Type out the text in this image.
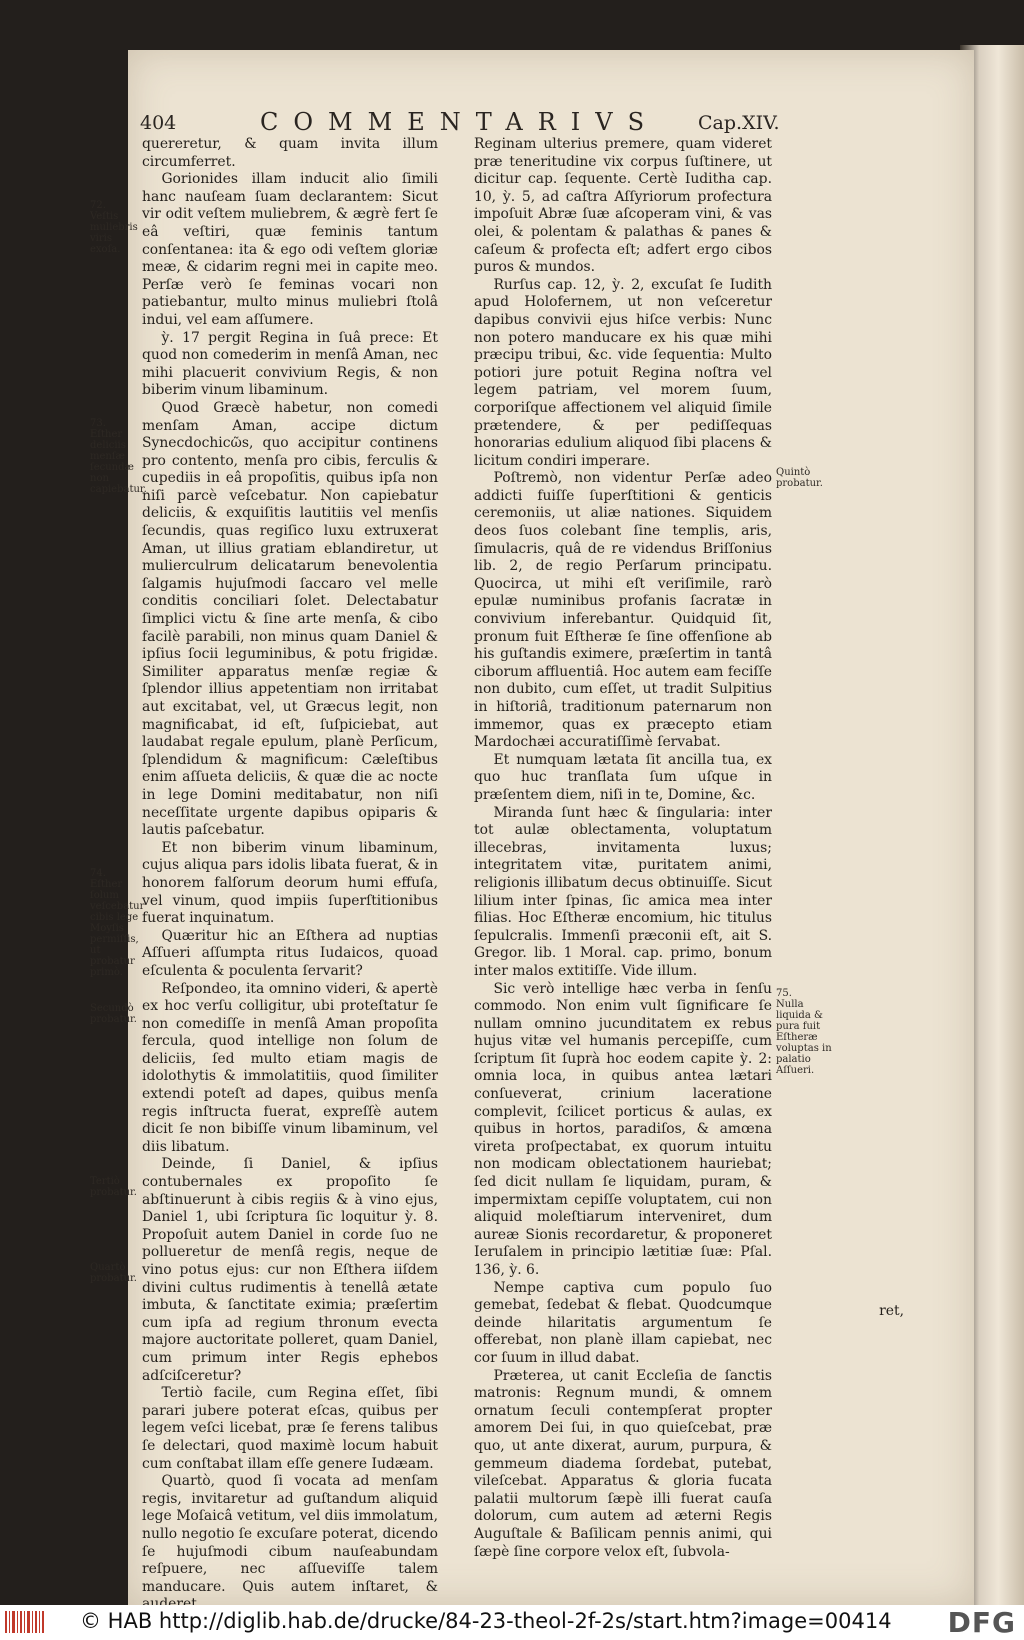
404	COMMENTARIVS Cap.XIV.

quereretur, & quam invita illum circumferret.

Gorionides illam inducit alio ſimili hanc nauſeam ſuam declarantem: Sicut vir odit veſtem muliebrem, & ægrè fert ſe eâ veſtiri, quæ feminis tantum conſentanea: ita & ego odi veſtem gloriæ meæ, & cidarim regni mei in capite meo. Perſæ verò ſe feminas vocari non patiebantur, multo minus muliebri ſtolâ indui, vel eam aſſumere.

ỳ. 17 pergit Regina in ſuâ prece: Et quod non comederim in menſâ Aman, nec mihi placuerit convivium Regis, & non biberim vinum libaminum.

Quod Græcè habetur, non comedi menſam Aman, accipe dictum Synecdochicῶs, quo accipitur continens pro contento, menſa pro cibis, ferculis & cupediis in eâ propoſitis, quibus ipſa non niſi parcè veſcebatur. Non capiebatur deliciis, & exquiſitis lautitiis vel menſis ſecundis, quas regiſico luxu extruxerat Aman, ut illius gratiam eblandiretur, ut mulierculrum delicatarum benevolentia ſalgamis hujuſmodi ſaccaro vel melle conditis conciliari ſolet. Delectabatur ſimplici victu & ſine arte menſa, & cibo facilè parabili, non minus quam Daniel & ipſius ſocii leguminibus, & potu frigidæ. Similiter apparatus menſæ regiæ & ſplendor illius appetentiam non irritabat aut excitabat, vel, ut Græcus legit, non magnificabat, id eſt, ſuſpiciebat, aut laudabat regale epulum, planè Perſicum, ſplendidum & magnificum: Cæleſtibus enim aſſueta deliciis, & quæ die ac nocte in lege Domini meditabatur, non niſi neceſſitate urgente dapibus opiparis & lautis paſcebatur.

Et non biberim vinum libaminum, cujus aliqua pars idolis libata fuerat, & in honorem falſorum deorum humi effuſa, vel vinum, quod impiis ſuperſtitionibus fuerat inquinatum.

Quæritur hic an Eſthera ad nuptias Aſſueri aſſumpta ritus Iudaicos, quoad eſculenta & poculenta ſervarit?

Reſpondeo, ita omnino videri, & apertè ex hoc verſu colligitur, ubi proteſtatur ſe non comediſſe in menſâ Aman propoſita fercula, quod intellige non ſolum de deliciis, ſed multo etiam magis de idolothytis & immolatitiis, quod ſimiliter extendi poteſt ad dapes, quibus menſa regis inſtructa fuerat, expreſſè autem dicit ſe non bibiſſe vinum libaminum, vel diis libatum.

Deinde, ſi Daniel, & ipſius contubernales ex propoſito ſe abſtinuerunt à cibis regiis & à vino ejus, Daniel 1, ubi ſcriptura ſic loquitur ỳ. 8. Propoſuit autem Daniel in corde ſuo ne pollueretur de menſâ regis, neque de vino potus ejus: cur non Eſthera iiſdem divini cultus rudimentis à tenellâ ætate imbuta, & ſanctitate eximia; præſertim cum ipſa ad regium thronum evecta majore auctoritate polleret, quam Daniel, cum primum inter Regis ephebos adſciſceretur?

Tertiò facile, cum Regina eſſet, ſibi parari jubere poterat eſcas, quibus per legem veſci licebat, præ ſe ferens talibus ſe delectari, quod maximè locum habuit cum conſtabat illam eſſe genere Iudæam.

Quartò, quod ſi vocata ad menſam regis, invitaretur ad guſtandum aliquid lege Moſaicâ vetitum, vel diis immolatum, nullo negotio ſe excuſare poterat, dicendo ſe hujuſmodi cibum nauſeabundam reſpuere, nec aſſueviſſe talem manducare. Quis autem inſtaret, &

Reginam ulterius premere, quam videret præ teneritudine vix corpus ſuſtinere, ut dicitur cap. ſequente. Certè Iuditha cap. 10, ỳ. 5, ad caſtra Aſſyriorum profectura impoſuit Abræ ſuæ aſcoperam vini, & vas olei, & polentam & palathas & panes & caſeum & profecta eſt; adfert ergo cibos puros & mundos.

Rurſus cap. 12, ỳ. 2, excuſat ſe Iudith apud Holofernem, ut non veſceretur dapibus convivii ejus hiſce verbis: Nunc non potero manducare ex his quæ mihi præcipu tribui, &c. vide ſequentia: Multo potiori jure potuit Regina noſtra vel legem patriam, vel morem ſuum, corporiſque affectionem vel aliquid ſimile prætendere, & per pediſſequas honorarias edulium aliquod ſibi placens & licitum condiri imperare.

Poſtremò, non videntur Perſæ adeo addicti fuiſſe ſuperſtitioni & genticis ceremoniis, ut aliæ nationes. Siquidem deos ſuos colebant ſine templis, aris, ſimulacris, quâ de re videndus Briſſonius lib. 2, de regio Perſarum principatu. Quocirca, ut mihi eſt veriſimile, rarò epulæ numinibus profanis ſacratæ in convivium inferebantur. Quidquid ſit, pronum fuit Eſtheræ ſe ſine offenſione ab his guſtandis eximere, præſertim in tantâ ciborum affluentiâ. Hoc autem eam feciſſe non dubito, cum eſſet, ut tradit Sulpitius in hiſtoriâ, traditionum paternarum non immemor, quas ex præcepto etiam Mardochæi accuratiſſimè ſervabat.

Et numquam lætata ſit ancilla tua, ex quo huc tranſlata ſum uſque in præſentem diem, niſi in te, Domine, &c.

Miranda ſunt hæc & ſingularia: inter tot aulæ oblectamenta, voluptatum illecebras, invitamenta luxus; integritatem vitæ, puritatem animi, religionis illibatum decus obtinuiſſe. Sicut lilium inter ſpinas, ſic amica mea inter filias. Hoc Eſtheræ encomium, hic titulus ſepulcralis. Immenſi præconii eſt, ait S. Gregor. lib. 1 Moral. cap. primo, bonum inter malos extitiſſe. Vide illum.

Sic verò intellige hæc verba in ſenſu commodo. Non enim vult ſignificare ſe nullam omnino jucunditatem ex rebus hujus vitæ vel humanis percepiſſe, cum ſcriptum ſit ſuprà hoc eodem capite ỳ. 2: omnia loca, in quibus antea lætari conſueverat, crinium laceratione complevit, ſcilicet porticus & aulas, ex quibus in hortos, paradiſos, & amœna vireta proſpectabat, ex quorum intuitu non modicam oblectationem hauriebat; ſed dicit nullam ſe liquidam, puram, & impermixtam cepiſſe voluptatem, cui non aliquid moleſtiarum interveniret, dum aureæ Sionis recordaretur, & proponeret Ieruſalem in principio lætitiæ ſuæ: Pſal. 136, ỳ. 6.

Nempe captiva cum populo ſuo gemebat, ſedebat & flebat. Quodcumque deinde hilaritatis argumentum ſe offerebat, non planè illam capiebat, nec cor ſuum in illud dabat.

Præterea, ut canit Eccleſia de ſanctis matronis: Regnum mundi, & omnem ornatum ſeculi contempſerat propter amorem Dei ſui, in quo quieſcebat, præ quo, ut ante dixerat, aurum, purpura, & gemmeum diadema ſordebat, putebat, vileſcebat. Apparatus & gloria fucata palatii multorum ſæpè illi fuerat cauſa dolorum, cum autem ad æterni Regis Auguſtale & Baſilicam pennis animi, qui ſæpè ſine corpore velox eſt, ſubvola-

ret,
72.
Veſtis muliebris viris exoſa.
73.
Eſther deliciis menſæ ſecundæ non capiebatur.
74.
Eſther ſolum veſcebatur cibis lege Moyſis permiſſis, ut probatur primò.
Secundò probatur.
Tertiò probatur.
Quartò probatur.
Quintò probatur.
75.
Nulla liquida & pura fuit Eſtheræ voluptas in palatio Aſſueri.
© HAB http://diglib.hab.de/drucke/84-23-theol-2f-2s/start.htm?image=00414 DFG
